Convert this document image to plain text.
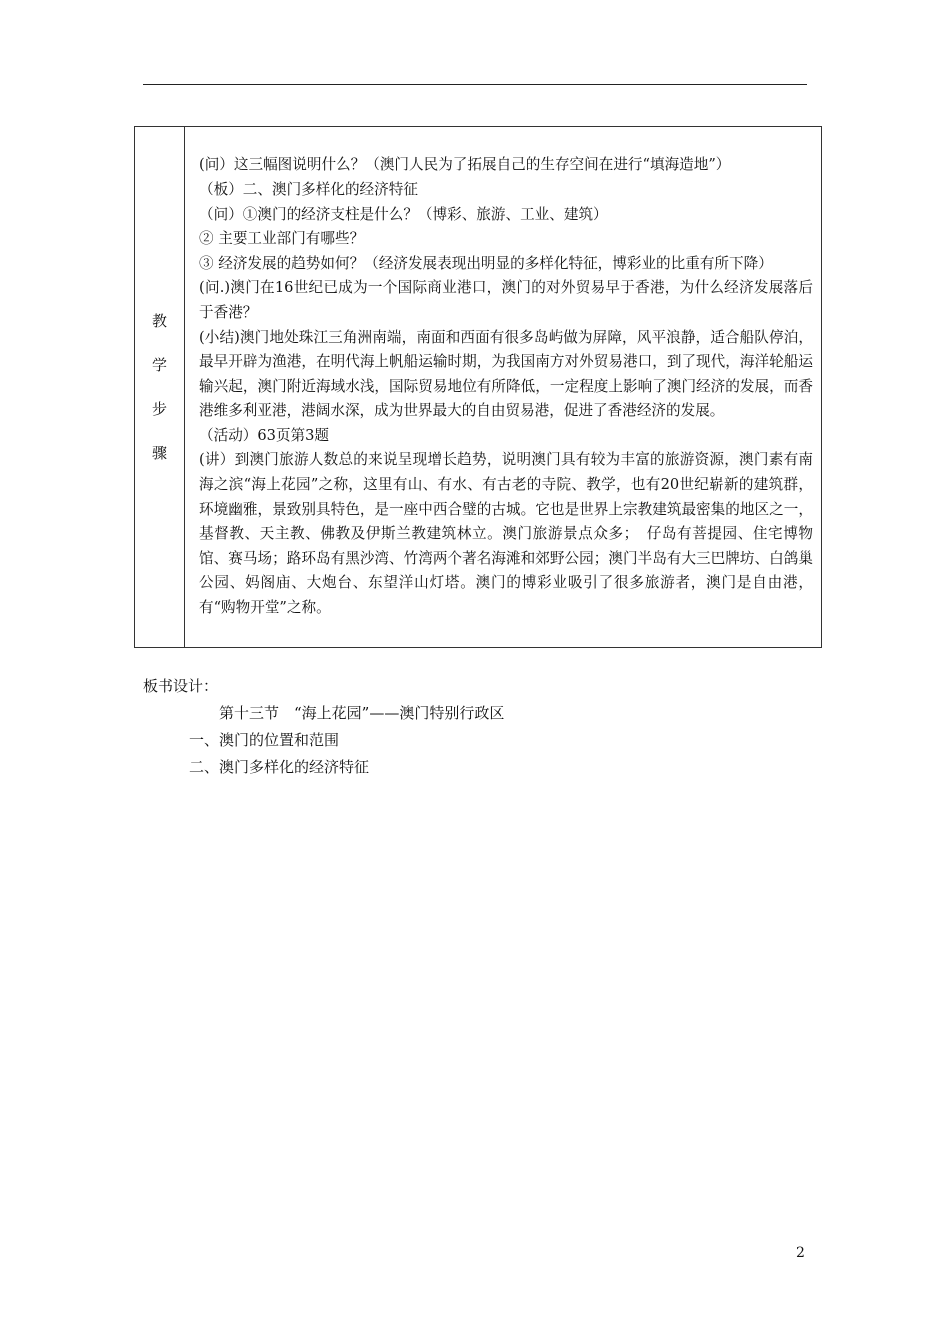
教
学
步
骤

(问）这三幅图说明什么？（澳门人民为了拓展自己的生存空间在进行“填海造地”）

（板）二、澳门多样化的经济特征

（问）①澳门的经济支柱是什么？（博彩、旅游、工业、建筑）

② 主要工业部门有哪些？

③ 经济发展的趋势如何？（经济发展表现出明显的多样化特征，博彩业的比重有所下降）

(问.)澳门在16世纪已成为一个国际商业港口，澳门的对外贸易早于香港，为什么经济发展落后于香港？

(小结)澳门地处珠江三角洲南端，南面和西面有很多岛屿做为屏障，风平浪静，适合船队停泊，最早开辟为渔港，在明代海上帆船运输时期，为我国南方对外贸易港口，到了现代，海洋轮船运输兴起，澳门附近海域水浅，国际贸易地位有所降低，一定程度上影响了澳门经济的发展，而香港维多利亚港，港阔水深，成为世界最大的自由贸易港，促进了香港经济的发展。

（活动）63页第3题

(讲）到澳门旅游人数总的来说呈现增长趋势，说明澳门具有较为丰富的旅游资源，澳门素有南海之滨“海上花园”之称，这里有山、有水、有古老的寺院、教学，也有20世纪崭新的建筑群，环境幽雅，景致别具特色，是一座中西合璧的古城。它也是世界上宗教建筑最密集的地区之一，基督教、天主教、佛教及伊斯兰教建筑林立。澳门旅游景点众多；　仔岛有菩提园、住宅博物馆、赛马场；路环岛有黑沙湾、竹湾两个著名海滩和郊野公园；澳门半岛有大三巴牌坊、白鸽巢公园、妈阁庙、大炮台、东望洋山灯塔。澳门的博彩业吸引了很多旅游者，澳门是自由港，有“购物开堂”之称。

板书设计：
第十三节　“海上花园”——澳门特别行政区
一、澳门的位置和范围
二、澳门多样化的经济特征
2
